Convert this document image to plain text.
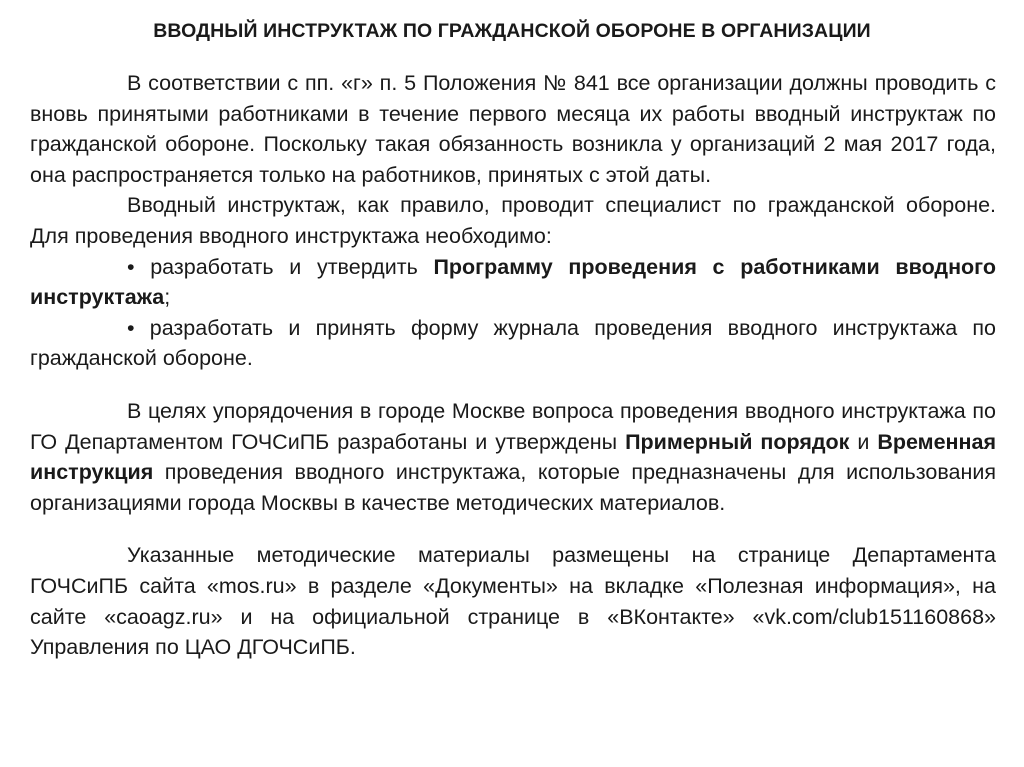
ВВОДНЫЙ ИНСТРУКТАЖ ПО ГРАЖДАНСКОЙ ОБОРОНЕ В ОРГАНИЗАЦИИ

В соответствии с пп. «г» п. 5 Положения № 841 все организации должны проводить с вновь принятыми работниками в течение первого месяца их работы вводный инструктаж по гражданской обороне. Поскольку такая обязанность возникла у организаций 2 мая 2017 года, она распространяется только на работников, принятых с этой даты.

Вводный инструктаж, как правило, проводит специалист по гражданской обороне. Для проведения вводного инструктажа необходимо:

• разработать и утвердить Программу проведения с работниками вводного инструктажа;

• разработать и принять форму журнала проведения вводного инструктажа по гражданской обороне.

В целях упорядочения в городе Москве вопроса проведения вводного инструктажа по ГО Департаментом ГОЧСиПБ разработаны и утверждены Примерный порядок и Временная инструкция проведения вводного инструктажа, которые предназначены для использования организациями города Москвы в качестве методических материалов.

Указанные методические материалы размещены на странице Департамента ГОЧСиПБ сайта «mos.ru» в разделе «Документы» на вкладке «Полезная информация», на сайте «caoagz.ru» и на официальной странице в «ВКонтакте» «vk.com/club151160868» Управления по ЦАО ДГОЧСиПБ.
